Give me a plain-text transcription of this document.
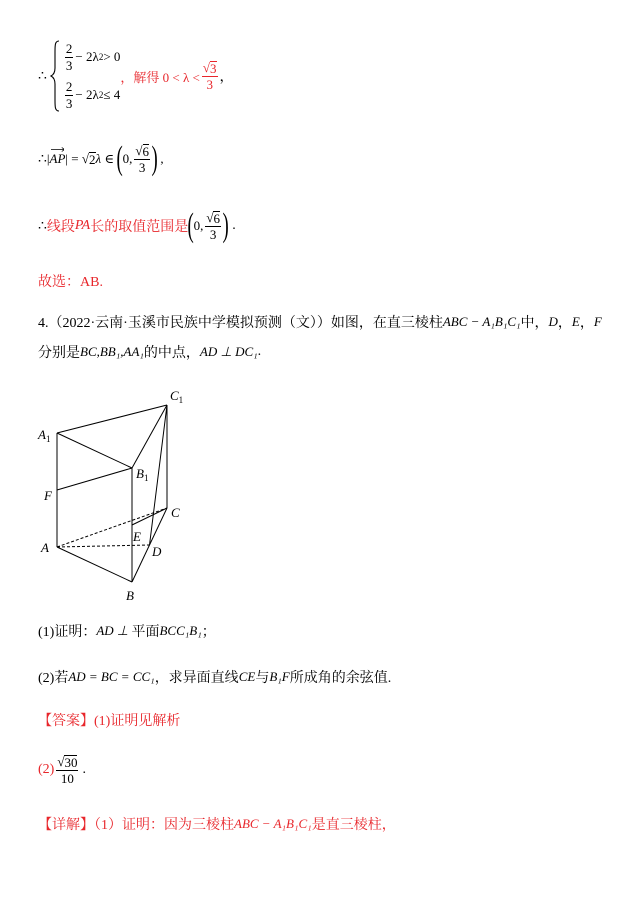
∴
$\frac{2}{3} - 2\lambda$ 2 > 0
$\frac{2}{3} - 2\lambda$ 2 ≤ 4
，解得 $0 < \lambda < \frac{√ 3}{3}$ ，
∴ | AP | = √ 2 λ ∈ ( 0, $\frac{√ 6}{3}$ ) ,
∴ 线段 PA 长的取值范围是 ( 0, $\frac{√ 6}{3}$ ) .
故选：AB.
4.（2022·云南·玉溪市民族中学模拟预测（文））如图，在直三棱柱 ABC − A₁B₁C₁ 中， D ， E ， F
分别是 BC,BB₁,AA₁ 的中点， AD ⊥ DC₁ .
$C_1$
$A_1$
$B_1$
F
C
E
A	D
B
(1)证明： AD ⊥ 平面 BCC₁B₁ ；
(2)若 AD = BC = CC₁ ，求异面直线 CE 与 B₁F 所成角的余弦值.
【答案】(1)证明见解析
$(2) \frac{√ 30}{10}$ .
【详解】（1）证明：因为三棱柱 ABC − A₁B₁C₁ 是直三棱柱，
